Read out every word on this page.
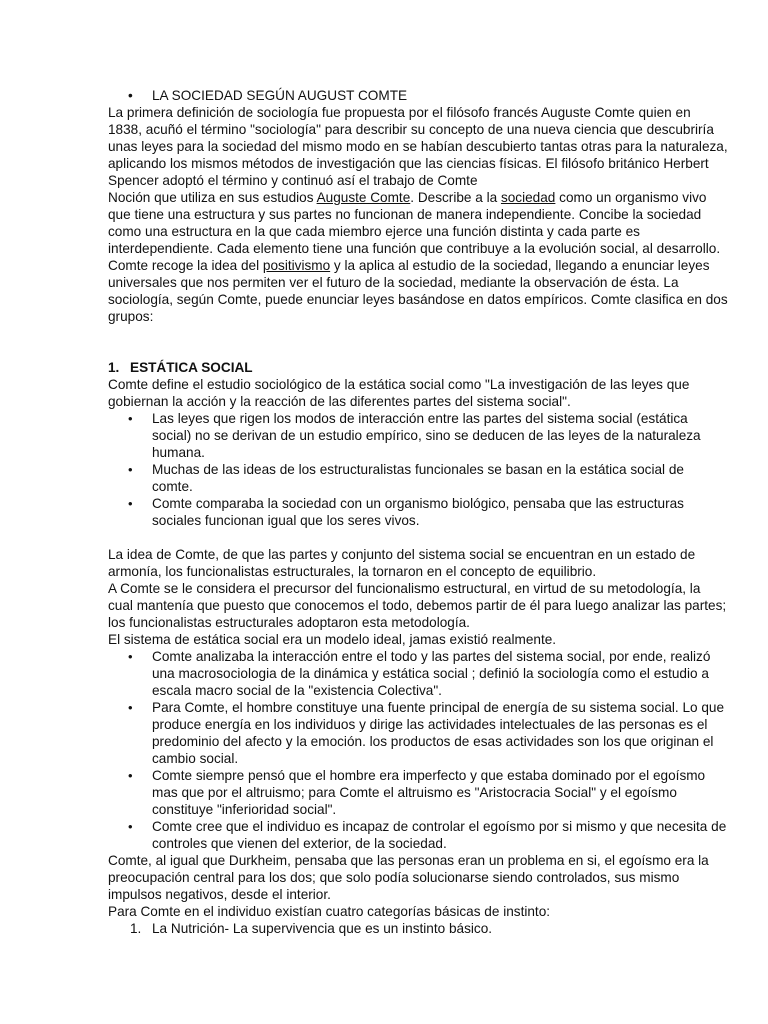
• LA SOCIEDAD SEGÚN AUGUST COMTE

La primera definición de sociología fue propuesta por el filósofo francés Auguste Comte quien en 1838, acuñó el término "sociología" para describir su concepto de una nueva ciencia que descubriría unas leyes para la sociedad del mismo modo en se habían descubierto tantas otras para la naturaleza, aplicando los mismos métodos de investigación que las ciencias físicas. El filósofo británico Herbert Spencer adoptó el término y continuó así el trabajo de Comte

Noción que utiliza en sus estudios Auguste Comte. Describe a la sociedad como un organismo vivo que tiene una estructura y sus partes no funcionan de manera independiente. Concibe la sociedad como una estructura en la que cada miembro ejerce una función distinta y cada parte es interdependiente. Cada elemento tiene una función que contribuye a la evolución social, al desarrollo. Comte recoge la idea del positivismo y la aplica al estudio de la sociedad, llegando a enunciar leyes universales que nos permiten ver el futuro de la sociedad, mediante la observación de ésta. La sociología, según Comte, puede enunciar leyes basándose en datos empíricos. Comte clasifica en dos grupos:

1. ESTÁTICA SOCIAL

Comte define el estudio sociológico de la estática social como "La investigación de las leyes que gobiernan la acción y la reacción de las diferentes partes del sistema social".

• Las leyes que rigen los modos de interacción entre las partes del sistema social (estática social) no se derivan de un estudio empírico, sino se deducen de las leyes de la naturaleza humana.
• Muchas de las ideas de los estructuralistas funcionales se basan en la estática social de comte.
• Comte comparaba la sociedad con un organismo biológico, pensaba que las estructuras sociales funcionan igual que los seres vivos.

La idea de Comte, de que las partes y conjunto del sistema social se encuentran en un estado de armonía, los funcionalistas estructurales, la tornaron en el concepto de equilibrio.

A Comte se le considera el precursor del funcionalismo estructural, en virtud de su metodología, la cual mantenía que puesto que conocemos el todo, debemos partir de él para luego analizar las partes; los funcionalistas estructurales adoptaron esta metodología.

El sistema de estática social era un modelo ideal, jamas existió realmente.

• Comte analizaba la interacción entre el todo y las partes del sistema social, por ende, realizó una macrosociologia de la dinámica y estática social ; definió la sociología como el estudio a escala macro social de la "existencia Colectiva".
• Para Comte, el hombre constituye una fuente principal de energía de su sistema social. Lo que produce energía en los individuos y dirige las actividades intelectuales de las personas es el predominio del afecto y la emoción. los productos de esas actividades son los que originan el cambio social.
• Comte siempre pensó que el hombre era imperfecto y que estaba dominado por el egoísmo mas que por el altruismo; para Comte el altruismo es "Aristocracia Social" y el egoísmo constituye "inferioridad social".
• Comte cree que el individuo es incapaz de controlar el egoísmo por si mismo y que necesita de controles que vienen del exterior, de la sociedad.

Comte, al igual que Durkheim, pensaba que las personas eran un problema en si, el egoísmo era la preocupación central para los dos; que solo podía solucionarse siendo controlados, sus mismo impulsos negativos, desde el interior.

Para Comte en el individuo existían cuatro categorías básicas de instinto:

1. La Nutrición- La supervivencia que es un instinto básico.
